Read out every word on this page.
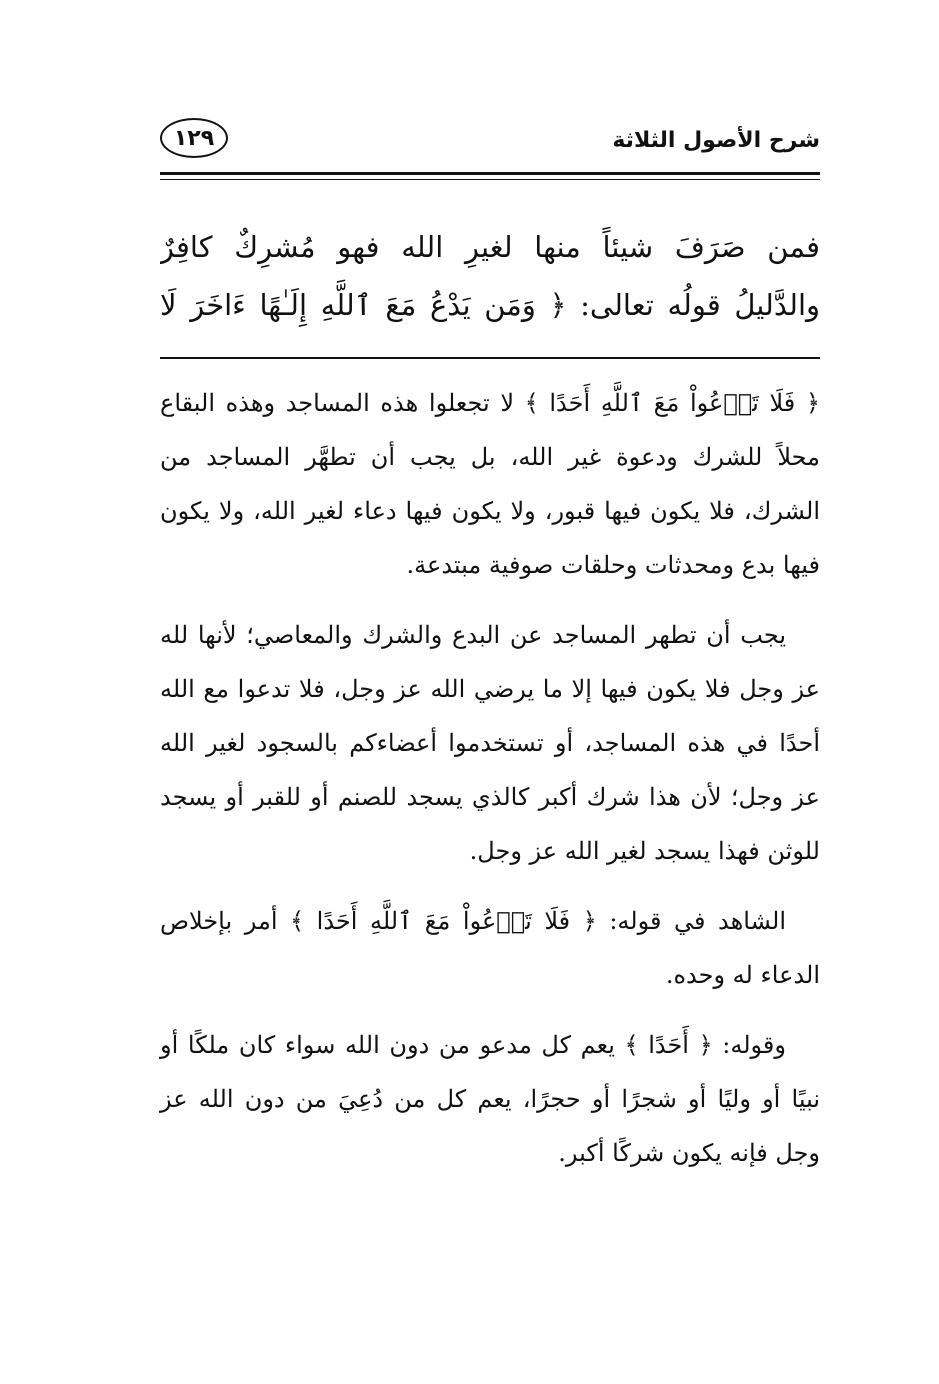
١٢٩	شرح الأصول الثلاثة
فمن صَرَفَ شيئاً منها لغيرِ الله فهو مُشرِكٌ كافِرٌ
والدَّليلُ قولُه تعالى: ﴿ وَمَن يَدْعُ مَعَ ٱللَّهِ إِلَـٰهًا ءَاخَرَ لَا

﴿ فَلَا تَدۡعُواْ مَعَ ٱللَّهِ أَحَدًا ﴾ لا تجعلوا هذه المساجد وهذه البقاع محلاً للشرك ودعوة غير الله، بل يجب أن تطهَّر المساجد من الشرك، فلا يكون فيها قبور، ولا يكون فيها دعاء لغير الله، ولا يكون فيها بدع ومحدثات وحلقات صوفية مبتدعة.

يجب أن تطهر المساجد عن البدع والشرك والمعاصي؛ لأنها لله عز وجل فلا يكون فيها إلا ما يرضي الله عز وجل، فلا تدعوا مع الله أحدًا في هذه المساجد، أو تستخدموا أعضاءكم بالسجود لغير الله عز وجل؛ لأن هذا شرك أكبر كالذي يسجد للصنم أو للقبر أو يسجد للوثن فهذا يسجد لغير الله عز وجل.

الشاهد في قوله: ﴿ فَلَا تَدۡعُواْ مَعَ ٱللَّهِ أَحَدًا ﴾ أمر بإخلاص الدعاء له وحده.

وقوله: ﴿ أَحَدًا ﴾ يعم كل مدعو من دون الله سواء كان ملكًا أو نبيًا أو وليًا أو شجرًا أو حجرًا، يعم كل من دُعِيَ من دون الله عز وجل فإنه يكون شركًا أكبر.
